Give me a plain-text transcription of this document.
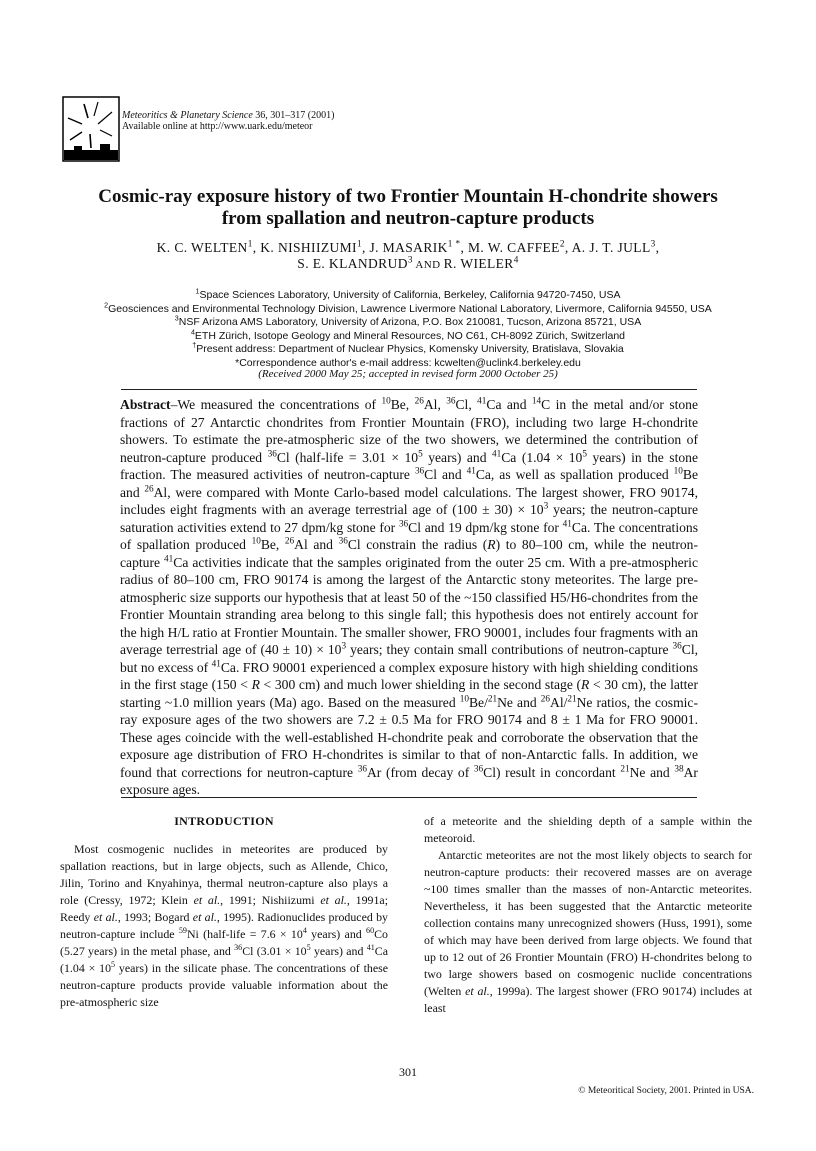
Meteoritics & Planetary Science 36, 301–317 (2001)
Available online at http://www.uark.edu/meteor
Cosmic-ray exposure history of two Frontier Mountain H-chondrite showers
from spallation and neutron-capture products
K. C. WELTEN$^1$, K. NISHIIZUMI$^1$, J. $MASARIK^{1 *}$, M. W. CAFFEE$^2$, A. J. T. JULL$^3$,
S. E. KLANDRUD$^3$ AND R. WIELER$^4$
$^1$Space Sciences Laboratory, University of California, Berkeley, California 94720-7450, USA
$^2$Geosciences and Environmental Technology Division, Lawrence Livermore National Laboratory, Livermore, California 94550, USA
$^3$NSF Arizona AMS Laboratory, University of Arizona, P.O. Box 210081, Tucson, Arizona 85721, USA
$^4$ETH Zürich, Isotope Geology and Mineral Resources, NO C61, CH-8092 Zürich, Switzerland
†Present address: Department of Nuclear Physics, Komensky University, Bratislava, Slovakia
*Correspondence author's e-mail address: kcwelten@uclink4.berkeley.edu
(Received 2000 May 25; accepted in revised form 2000 October 25)

Abstract–We measured the concentrations of $^{10}$Be, $^{26}$Al, $^{36}$Cl, $^{41}$Ca and $^{14}$C in the metal and/or stone fractions of 27 Antarctic chondrites from Frontier Mountain (FRO), including two large H-chondrite showers. To estimate the pre-atmospheric size of the two showers, we determined the contribution of neutron-capture produced $^{36}$Cl (half-life = $3.01 \times 10^5$ years) and $^{41}$Ca ($1.04 \times 10^5$ years) in the stone fraction. The measured activities of neutron-capture $^{36}$Cl and $^{41}$Ca, as well as spallation produced $^{10}$Be and $^{26}$Al, were compared with Monte Carlo-based model calculations. The largest shower, FRO 90174, includes eight fragments with an average terrestrial age of $(100 \pm 30) \times 10^3$ years; the neutron-capture saturation activities extend to 27 dpm/kg stone for $^{36}$Cl and 19 dpm/kg stone for $^{41}$Ca. The concentrations of spallation produced $^{10}$Be, $^{26}$Al and $^{36}$Cl constrain the radius (R) to 80–100 cm, while the neutron-capture $^{41}$Ca activities indicate that the samples originated from the outer 25 cm. With a pre-atmospheric radius of 80–100 cm, FRO 90174 is among the largest of the Antarctic stony meteorites. The large pre-atmospheric size supports our hypothesis that at least 50 of the ~150 classified H5/H6-chondrites from the Frontier Mountain stranding area belong to this single fall; this hypothesis does not entirely account for the high H/L ratio at Frontier Mountain. The smaller shower, FRO 90001, includes four fragments with an average terrestrial age of $(40 \pm 10) \times 10^3$ years; they contain small contributions of neutron-capture $^{36}$Cl, but no excess of $^{41}$Ca. FRO 90001 experienced a complex exposure history with high shielding conditions in the first stage (150 < R < 300 cm) and much lower shielding in the second stage (R < 30 cm), the latter starting ~1.0 million years (Ma) ago. Based on the measured $^{10}$Be/$^{21}$Ne and $^{26}$Al/$^{21}$Ne ratios, the cosmic-ray exposure ages of the two showers are 7.2 ± 0.5 Ma for FRO 90174 and 8 ± 1 Ma for FRO 90001. These ages coincide with the well-established H-chondrite peak and corroborate the observation that the exposure age distribution of FRO H-chondrites is similar to that of non-Antarctic falls. In addition, we found that corrections for neutron-capture $^{36}$Ar (from decay of $^{36}$Cl) result in concordant $^{21}$Ne and $^{38}$Ar exposure ages.

INTRODUCTION

Most cosmogenic nuclides in meteorites are produced by spallation reactions, but in large objects, such as Allende, Chico, Jilin, Torino and Knyahinya, thermal neutron-capture also plays a role (Cressy, 1972; Klein et al., 1991; Nishiizumi et al., 1991a; Reedy et al., 1993; Bogard et al., 1995). Radionuclides produced by neutron-capture include $^{59}$Ni (half-life = $7.6 \times 10^4$ years) and $^{60}$Co (5.27 years) in the metal phase, and $^{36}$Cl ($3.01 \times 10^5$ years) and $^{41}$Ca ($1.04 \times 10^5$ years) in the silicate phase. The concentrations of these neutron-capture products provide valuable information about the pre-atmospheric size

of a meteorite and the shielding depth of a sample within the meteoroid.

Antarctic meteorites are not the most likely objects to search for neutron-capture products: their recovered masses are on average ~100 times smaller than the masses of non-Antarctic meteorites. Nevertheless, it has been suggested that the Antarctic meteorite collection contains many unrecognized showers (Huss, 1991), some of which may have been derived from large objects. We found that up to 12 out of 26 Frontier Mountain (FRO) H-chondrites belong to two large showers based on cosmogenic nuclide concentrations (Welten et al., 1999a). The largest shower (FRO 90174) includes at least

301
© Meteoritical Society, 2001. Printed in USA.
